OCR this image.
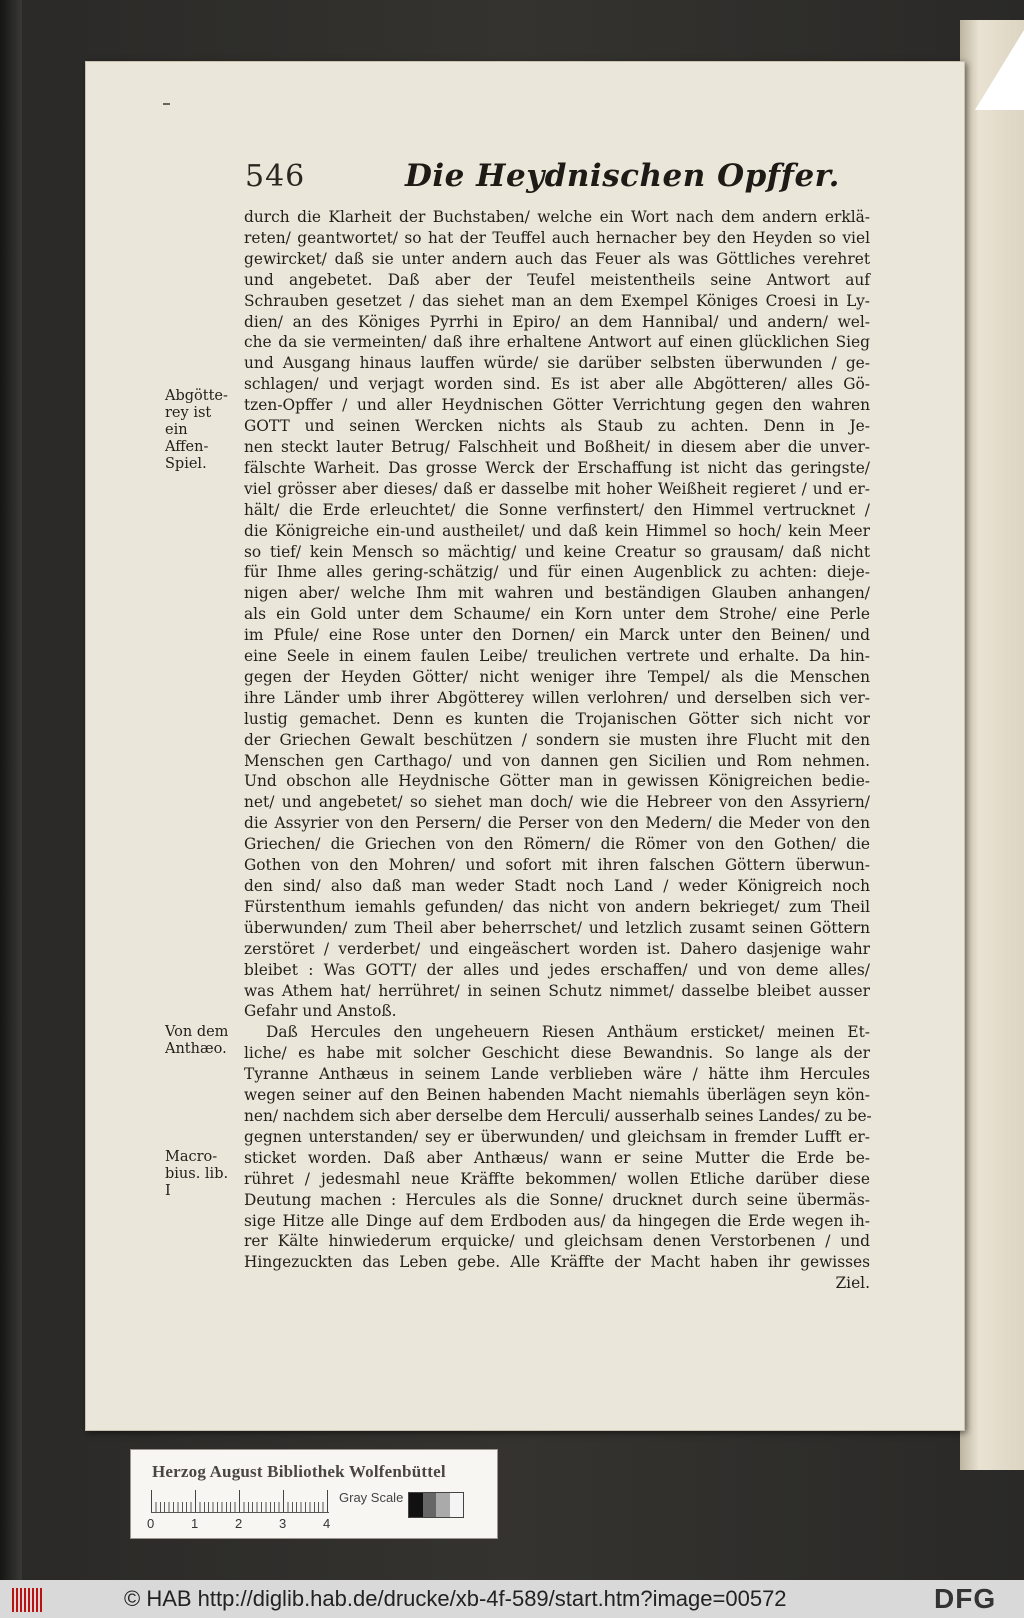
546	Die Heydnischen Opffer.
Abgötte-
rey ist ein
Affen-
Spiel.
Von dem
Anthæo.
Macro-
bius. lib. I
durch die Klarheit der Buchstaben/ welche ein Wort nach dem andern erklä-
reten/ geantwortet/ so hat der Teuffel auch hernacher bey den Heyden so viel
gewircket/ daß sie unter andern auch das Feuer als was Göttliches verehret
und angebetet. Daß aber der Teufel meistentheils seine Antwort auf
Schrauben gesetzet / das siehet man an dem Exempel Königes Croesi in Ly-
dien/ an des Königes Pyrrhi in Epiro/ an dem Hannibal/ und andern/ wel-
che da sie vermeinten/ daß ihre erhaltene Antwort auf einen glücklichen Sieg
und Ausgang hinaus lauffen würde/ sie darüber selbsten überwunden / ge-
schlagen/ und verjagt worden sind. Es ist aber alle Abgötteren/ alles Gö-
tzen-Opffer / und aller Heydnischen Götter Verrichtung gegen den wahren
GOTT und seinen Wercken nichts als Staub zu achten. Denn in Je-
nen steckt lauter Betrug/ Falschheit und Boßheit/ in diesem aber die unver-
fälschte Warheit. Das grosse Werck der Erschaffung ist nicht das geringste/
viel grösser aber dieses/ daß er dasselbe mit hoher Weißheit regieret / und er-
hält/ die Erde erleuchtet/ die Sonne verfinstert/ den Himmel vertrucknet /
die Königreiche ein-und austheilet/ und daß kein Himmel so hoch/ kein Meer
so tief/ kein Mensch so mächtig/ und keine Creatur so grausam/ daß nicht
für Ihme alles gering-schätzig/ und für einen Augenblick zu achten: dieje-
nigen aber/ welche Ihm mit wahren und beständigen Glauben anhangen/
als ein Gold unter dem Schaume/ ein Korn unter dem Strohe/ eine Perle
im Pfule/ eine Rose unter den Dornen/ ein Marck unter den Beinen/ und
eine Seele in einem faulen Leibe/ treulichen vertrete und erhalte. Da hin-
gegen der Heyden Götter/ nicht weniger ihre Tempel/ als die Menschen
ihre Länder umb ihrer Abgötterey willen verlohren/ und derselben sich ver-
lustig gemachet. Denn es kunten die Trojanischen Götter sich nicht vor
der Griechen Gewalt beschützen / sondern sie musten ihre Flucht mit den
Menschen gen Carthago/ und von dannen gen Sicilien und Rom nehmen.
Und obschon alle Heydnische Götter man in gewissen Königreichen bedie-
net/ und angebetet/ so siehet man doch/ wie die Hebreer von den Assyriern/
die Assyrier von den Persern/ die Perser von den Medern/ die Meder von den
Griechen/ die Griechen von den Römern/ die Römer von den Gothen/ die
Gothen von den Mohren/ und sofort mit ihren falschen Göttern überwun-
den sind/ also daß man weder Stadt noch Land / weder Königreich noch
Fürstenthum iemahls gefunden/ das nicht von andern bekrieget/ zum Theil
überwunden/ zum Theil aber beherrschet/ und letzlich zusamt seinen Göttern
zerstöret / verderbet/ und eingeäschert worden ist. Dahero dasjenige wahr
bleibet : Was GOTT/ der alles und jedes erschaffen/ und von deme alles/
was Athem hat/ herrühret/ in seinen Schutz nimmet/ dasselbe bleibet ausser
Gefahr und Anstoß.
Daß Hercules den ungeheuern Riesen Anthäum ersticket/ meinen Et-
liche/ es habe mit solcher Geschicht diese Bewandnis. So lange als der
Tyranne Anthæus in seinem Lande verblieben wäre / hätte ihm Hercules
wegen seiner auf den Beinen habenden Macht niemahls überlägen seyn kön-
nen/ nachdem sich aber derselbe dem Herculi/ ausserhalb seines Landes/ zu be-
gegnen unterstanden/ sey er überwunden/ und gleichsam in fremder Lufft er-
sticket worden. Daß aber Anthæus/ wann er seine Mutter die Erde be-
rühret / jedesmahl neue Kräffte bekommen/ wollen Etliche darüber diese
Deutung machen : Hercules als die Sonne/ drucknet durch seine übermäs-
sige Hitze alle Dinge auf dem Erdboden aus/ da hingegen die Erde wegen ih-
rer Kälte hinwiederum erquicke/ und gleichsam denen Verstorbenen / und
Hingezuckten das Leben gebe. Alle Kräffte der Macht haben ihr gewisses
Ziel.
Herzog August Bibliothek Wolfenbüttel
0	1	2	3	4
Gray Scale
© HAB http://diglib.hab.de/drucke/xb-4f-589/start.htm?image=00572	DFG
